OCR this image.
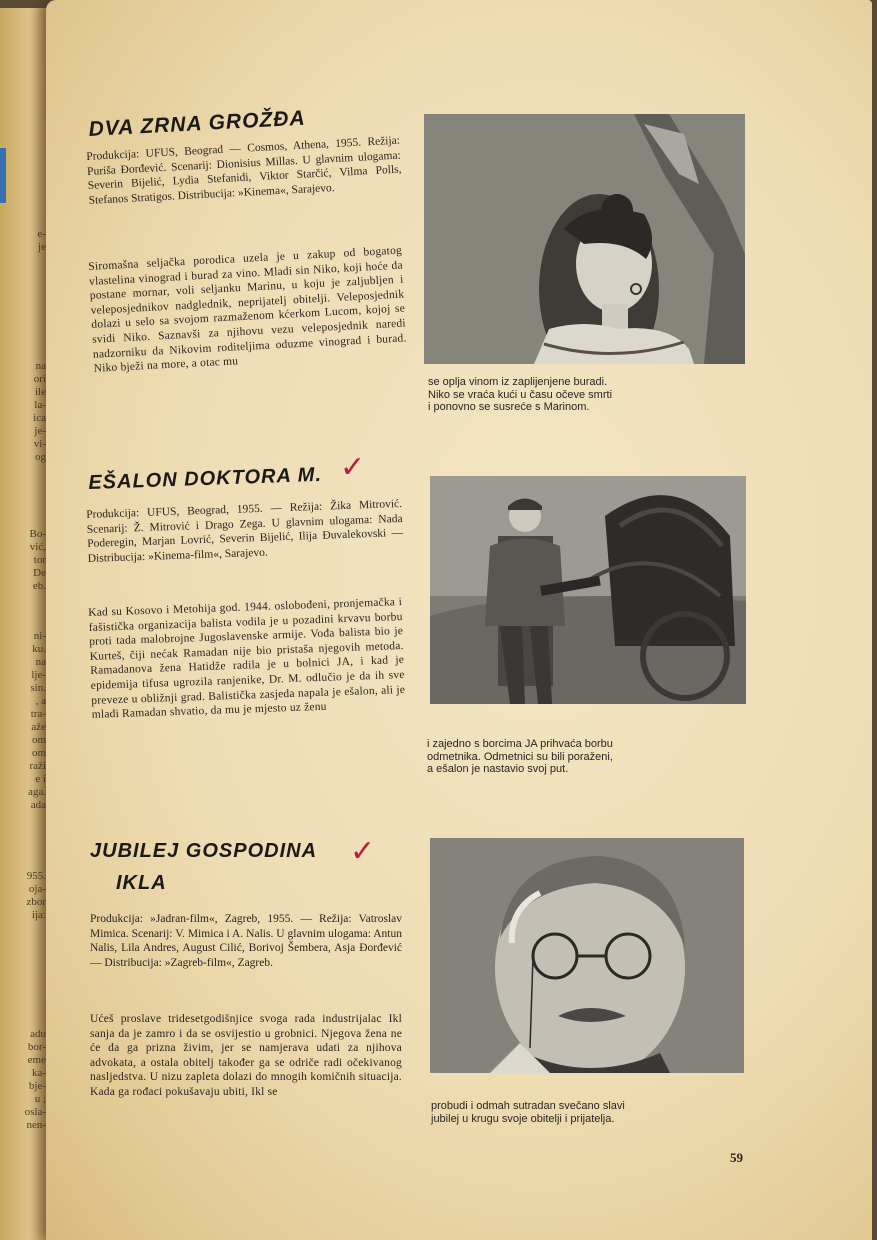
e-
je
na
ori
ile
la-
ica
je-
vi-
og
Bo-
vić,
tor
De
eb.
ni-
ku.
na
lje-
sin.
, a
tra-
aže
om
om
raži
e i
aga.
ada
955.
oja-
zbor
ija:
adu
bor-
eme
ka-
bje-
u ;
osla-
nen-
DVA ZRNA GROŽĐA
Produkcija: UFUS, Beograd — Cosmos, Athena, 1955. Režija: Puriša Đorđević. Scenarij: Dionisius Millas. U glavnim ulogama: Severin Bijelić, Lydia Stefanidi, Viktor Starčić, Vilma Polls, Stefanos Stratigos. Distribucija: »Kinema«, Sarajevo.
Siromašna seljačka porodica uzela je u zakup od bogatog vlastelina vinograd i burad za vino. Mladi sin Niko, koji hoće da postane mornar, voli seljanku Marinu, u koju je zaljubljen i veleposjednikov nadglednik, neprijatelj obitelji. Veleposjednik dolazi u selo sa svojom razmaženom kćerkom Lucom, kojoj se svidi Niko. Saznavši za njihovu vezu veleposjednik naredi nadzorniku da Nikovim roditeljima oduzme vinograd i burad. Niko bježi na more, a otac mu
se oplja vinom iz zaplijenjene buradi.
Niko se vraća kući u času očeve smrti
i ponovno se susreće s Marinom.
EŠALON DOKTORA M. ✓
Produkcija: UFUS, Beograd, 1955. — Režija: Žika Mitrović. Scenarij: Ž. Mitrović i Drago Zega. U glavnim ulogama: Nada Poderegin, Marjan Lovrić, Severin Bijelić, Ilija Đuvalekovski — Distribucija: »Kinema-film«, Sarajevo.
Kad su Kosovo i Metohija god. 1944. oslobođeni, pronjemačka i fašistička organizacija balista vodila je u pozadini krvavu borbu proti tada malobrojne Jugoslavenske armije. Vođa balista bio je Kurteš, čiji nećak Ramadan nije bio pristaša njegovih metoda. Ramadanova žena Hatidže radila je u bolnici JA, i kad je epidemija tifusa ugrozila ranjenike, Dr. M. odlučio je da ih sve preveze u obližnji grad. Balistička zasjeda napala je ešalon, ali je mladi Ramadan shvatio, da mu je mjesto uz ženu
i zajedno s borcima JA prihvaća borbu
odmetnika. Odmetnici su bili poraženi,
a ešalon je nastavio svoj put.
JUBILEJ GOSPODINA ✓
IKLA
Produkcija: »Jadran-film«, Zagreb, 1955. — Režija: Vatroslav Mimica. Scenarij: V. Mimica i A. Nalis. U glavnim ulogama: Antun Nalis, Lila Andres, August Cilić, Borivoj Šembera, Asja Đorđević — Distribucija: »Zagreb-film«, Zagreb.
Ućeš proslave tridesetgodišnjice svoga rada industrijalac Ikl sanja da je zamro i da se osvijestio u grobnici. Njegova žena ne će da ga prizna živim, jer se namjerava udati za njihova advokata, a ostala obitelj također ga se odriče radi očekivanog nasljedstva. U nizu zapleta dolazi do mnogih komičnih situacija. Kada ga rođaci pokušavaju ubiti, Ikl se
probudi i odmah sutradan svečano slavi
jubilej u krugu svoje obitelji i prijatelja.
59
